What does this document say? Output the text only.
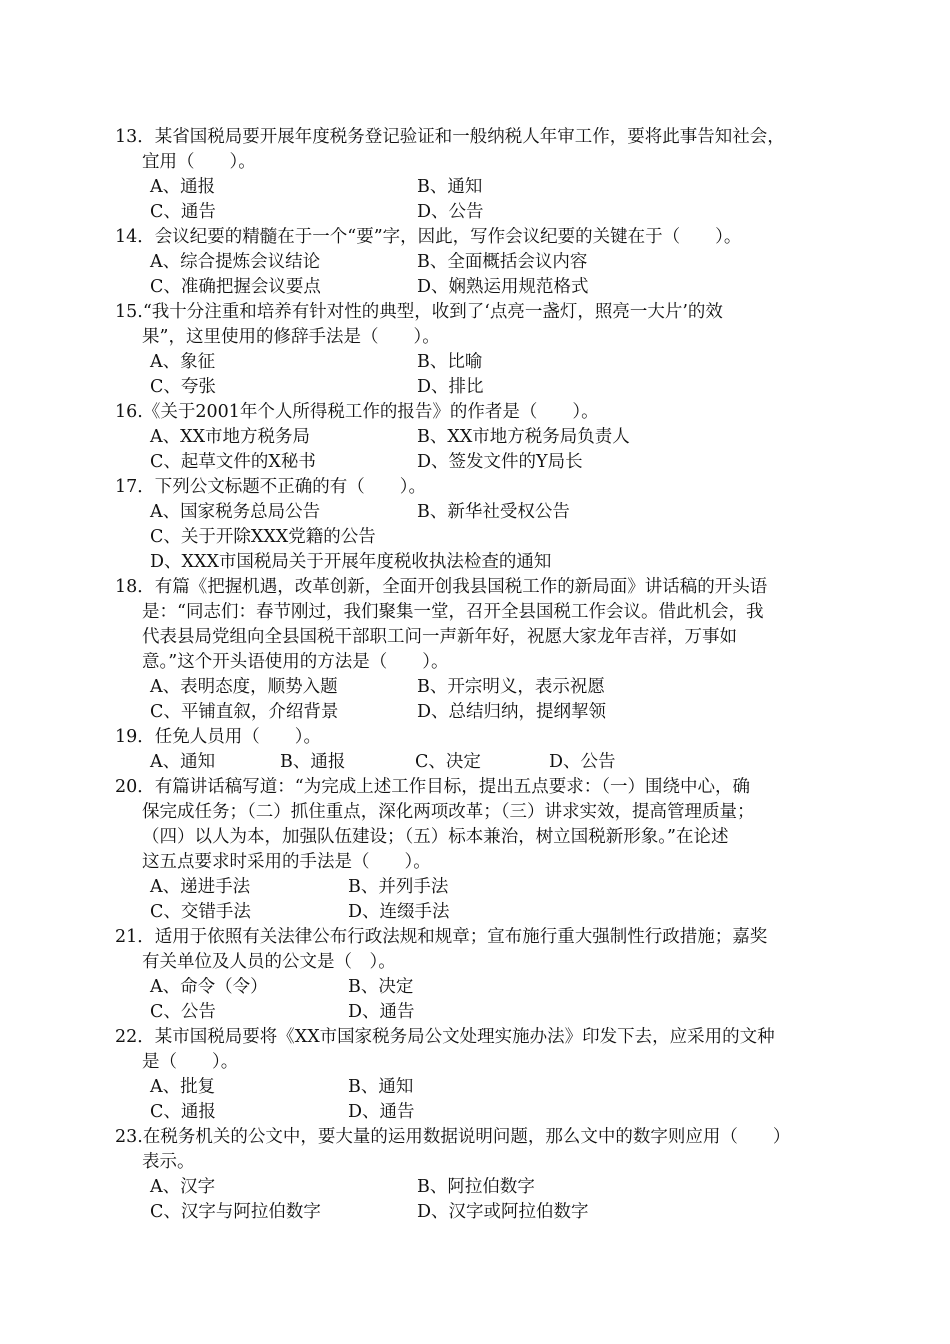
13．某省国税局要开展年度税务登记验证和一般纳税人年审工作，要将此事告知社会，
宜用（　　）。
A、通报	B、通知
C、通告	D、公告
14．会议纪要的精髓在于一个“要”字，因此，写作会议纪要的关键在于（　　）。
A、综合提炼会议结论	B、全面概括会议内容
C、准确把握会议要点	D、娴熟运用规范格式
15.“我十分注重和培养有针对性的典型，收到了‘点亮一盏灯，照亮一大片’的效
果”，这里使用的修辞手法是（　　）。
A、象征	B、比喻
C、夸张	D、排比
16.《关于2001年个人所得税工作的报告》的作者是（　　）。
A、XX市地方税务局	B、XX市地方税务局负责人
C、起草文件的X秘书	D、签发文件的Y局长
17．下列公文标题不正确的有（　　）。
A、国家税务总局公告	B、新华社受权公告
C、关于开除XXX党籍的公告
D、XXX市国税局关于开展年度税收执法检查的通知
18．有篇《把握机遇，改革创新，全面开创我县国税工作的新局面》讲话稿的开头语
是：“同志们：春节刚过，我们聚集一堂，召开全县国税工作会议。借此机会，我
代表县局党组向全县国税干部职工问一声新年好，祝愿大家龙年吉祥，万事如
意。”这个开头语使用的方法是（　　）。
A、表明态度，顺势入题	B、开宗明义，表示祝愿
C、平铺直叙，介绍背景	D、总结归纳，提纲挈领
19．任免人员用（　　）。
A、通知	B、通报	C、决定	D、公告
20．有篇讲话稿写道：“为完成上述工作目标，提出五点要求：（一）围绕中心，确
保完成任务；（二）抓住重点，深化两项改革；（三）讲求实效，提高管理质量；
（四）以人为本，加强队伍建设；（五）标本兼治，树立国税新形象。”在论述
这五点要求时采用的手法是（　　）。
A、递进手法	B、并列手法
C、交错手法	D、连缀手法
21．适用于依照有关法律公布行政法规和规章；宣布施行重大强制性行政措施；嘉奖
有关单位及人员的公文是（　）。
A、命令（令）	B、决定
C、公告	D、通告
22．某市国税局要将《XX市国家税务局公文处理实施办法》印发下去，应采用的文种
是（　　）。
A、批复	B、通知
C、通报	D、通告
23.在税务机关的公文中，要大量的运用数据说明问题，那么文中的数字则应用（　　）
表示。
A、汉字	B、阿拉伯数字
C、汉字与阿拉伯数字	D、汉字或阿拉伯数字
